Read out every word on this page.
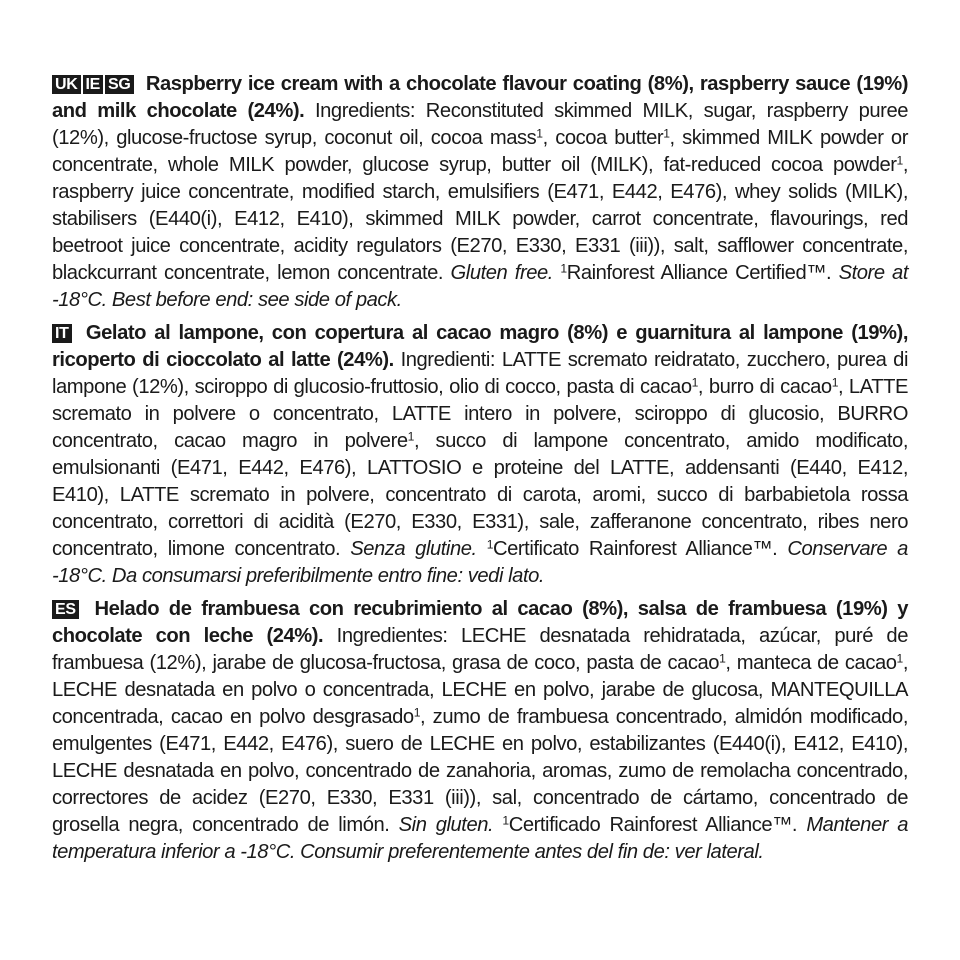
UK IE SG Raspberry ice cream with a chocolate flavour coating (8%), raspberry sauce (19%) and milk chocolate (24%). Ingredients: Reconstituted skimmed MILK, sugar, raspberry puree (12%), glucose-fructose syrup, coconut oil, cocoa mass$^1$, cocoa butter$^1$, skimmed MILK powder or concentrate, whole MILK powder, glucose syrup, butter oil (MILK), fat-reduced cocoa powder$^1$, raspberry juice concentrate, modified starch, emulsifiers (E471, E442, E476), whey solids (MILK), stabilisers (E440(i), E412, E410), skimmed MILK powder, carrot concentrate, flavourings, red beetroot juice concentrate, acidity regulators (E270, E330, E331 (iii)), salt, safflower concentrate, blackcurrant concentrate, lemon concentrate. Gluten free. $^1$Rainforest Alliance Certified™. Store at -18°C. Best before end: see side of pack.

IT Gelato al lampone, con copertura al cacao magro (8%) e guarnitura al lampone (19%), ricoperto di cioccolato al latte (24%). Ingredienti: LATTE scremato reidratato, zucchero, purea di lampone (12%), sciroppo di glucosio-fruttosio, olio di cocco, pasta di cacao$^1$, burro di cacao$^1$, LATTE scremato in polvere o concentrato, LATTE intero in polvere, sciroppo di glucosio, BURRO concentrato, cacao magro in polvere$^1$, succo di lampone concentrato, amido modificato, emulsionanti (E471, E442, E476), LATTOSIO e proteine del LATTE, addensanti (E440, E412, E410), LATTE scremato in polvere, concentrato di carota, aromi, succo di barbabietola rossa concentrato, correttori di acidità (E270, E330, E331), sale, zafferanone concentrato, ribes nero concentrato, limone concentrato. Senza glutine. $^1$Certificato Rainforest Alliance™. Conservare a -18°C. Da consumarsi preferibilmente entro fine: vedi lato.

ES Helado de frambuesa con recubrimiento al cacao (8%), salsa de frambuesa (19%) y chocolate con leche (24%). Ingredientes: LECHE desnatada rehidratada, azúcar, puré de frambuesa (12%), jarabe de glucosa-fructosa, grasa de coco, pasta de cacao$^1$, manteca de cacao$^1$, LECHE desnatada en polvo o concentrada, LECHE en polvo, jarabe de glucosa, MANTEQUILLA concentrada, cacao en polvo desgrasado$^1$, zumo de frambuesa concentrado, almidón modificado, emulgentes (E471, E442, E476), suero de LECHE en polvo, estabilizantes (E440(i), E412, E410), LECHE desnatada en polvo, concentrado de zanahoria, aromas, zumo de remolacha concentrado, correctores de acidez (E270, E330, E331 (iii)), sal, concentrado de cártamo, concentrado de grosella negra, concentrado de limón. Sin gluten. $^1$Certificado Rainforest Alliance™. Mantener a temperatura inferior a -18°C. Consumir preferentemente antes del fin de: ver lateral.
